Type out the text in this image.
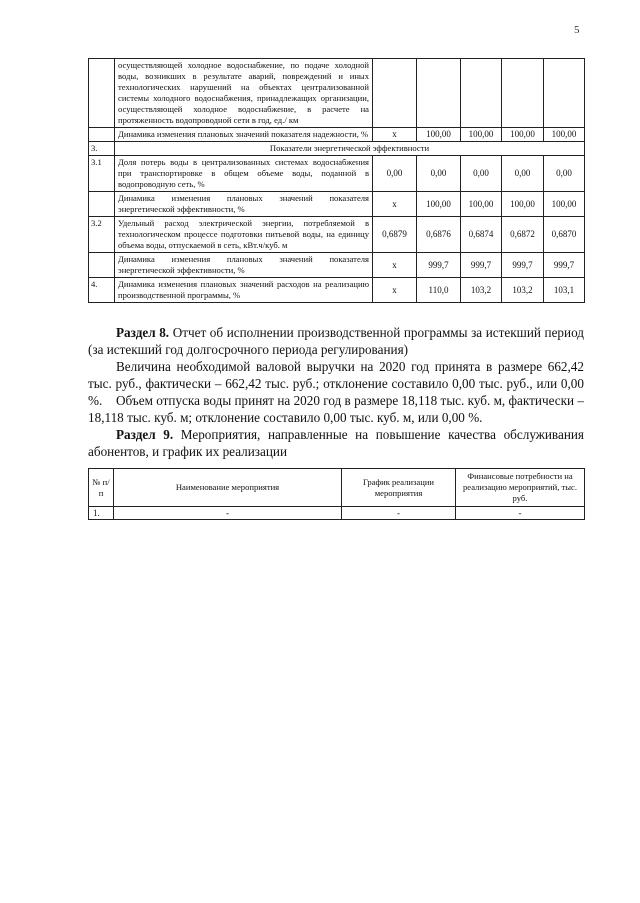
5
	осуществляющей холодное водоснабжение, по подаче холодной воды, возникших в результате аварий, повреждений и иных технологических нарушений на объектах централизованной системы холодного водоснабжения, принадлежащих организации, осуществляющей холодное водоснабжение, в расчете на протяженность водопроводной сети в год, ед./ км					
	Динамика изменения плановых значений показателя надежности, %	х	100,00	100,00	100,00	100,00
3.	Показатели энергетической эффективности					
3.1	Доля потерь воды в централизованных системах водоснабжения при транспортировке в общем объеме воды, поданной в водопроводную сеть, %	0,00	0,00	0,00	0,00	0,00
	Динамика изменения плановых значений показателя энергетической эффективности, %	х	100,00	100,00	100,00	100,00
3.2	Удельный расход электрической энергии, потребляемой в технологическом процессе подготовки питьевой воды, на единицу объема воды, отпускаемой в сеть, кВт.ч/куб. м	0,6879	0,6876	0,6874	0,6872	0,6870
	Динамика изменения плановых значений показателя энергетической эффективности, %	х	999,7	999,7	999,7	999,7
4.	Динамика изменения плановых значений расходов на реализацию производственной программы, %	х	110,0	103,2	103,2	103,1

Раздел 8. Отчет об исполнении производственной программы за истекший период (за истекший год долгосрочного периода регулирования)

Величина необходимой валовой выручки на 2020 год принята в размере 662,42 тыс. руб., фактически – 662,42 тыс. руб.; отклонение составило 0,00 тыс. руб., или 0,00 %.	Объем отпуска воды принят на 2020 год в размере 18,118 тыс. куб. м, фактически – 18,118 тыс. куб. м; отклонение составило 0,00 тыс. куб. м, или 0,00 %.

Раздел 9. Мероприятия, направленные на повышение качества обслуживания абонентов, и график их реализации

№ п/п	Наименование мероприятия	График реализации мероприятия	Финансовые потребности на реализацию мероприятий, тыс. руб.
1.	-	-	-
